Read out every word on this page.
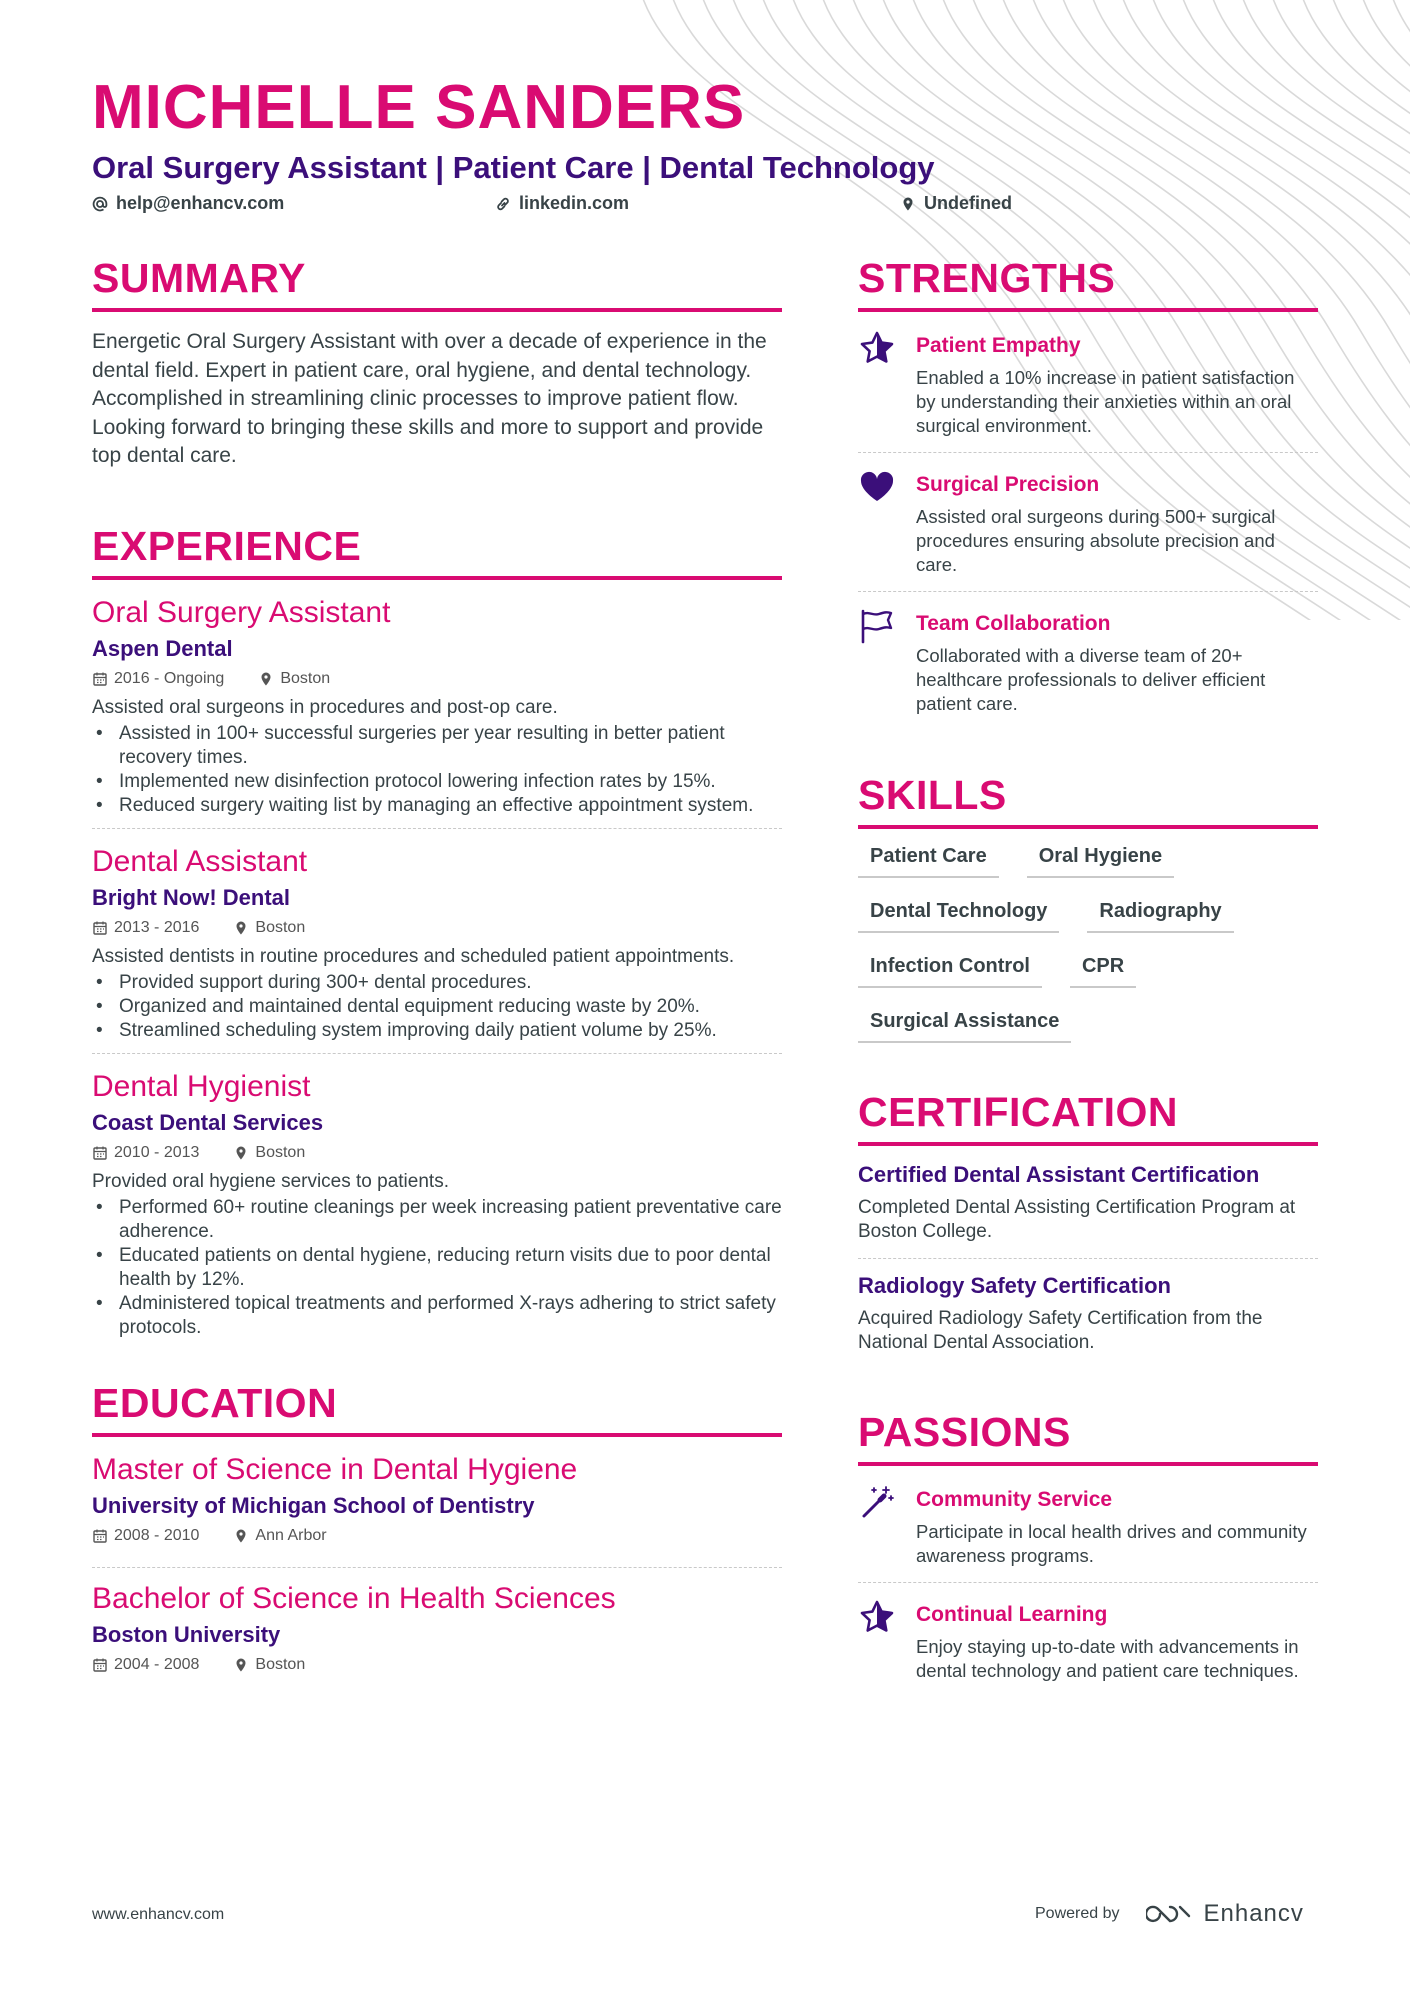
MICHELLE SANDERS
Oral Surgery Assistant | Patient Care | Dental Technology
help@enhancv.com	linkedin.com	Undefined
SUMMARY

Energetic Oral Surgery Assistant with over a decade of experience in the dental field. Expert in patient care, oral hygiene, and dental technology. Accomplished in streamlining clinic processes to improve patient flow. Looking forward to bringing these skills and more to support and provide top dental care.

EXPERIENCE
Oral Surgery Assistant
Aspen Dental
2016 - Ongoing	Boston
Assisted oral surgeons in procedures and post-op care.
• Assisted in 100+ successful surgeries per year resulting in better patient recovery times.
• Implemented new disinfection protocol lowering infection rates by 15%.
• Reduced surgery waiting list by managing an effective appointment system.
Dental Assistant
Bright Now! Dental
2013 - 2016	Boston
Assisted dentists in routine procedures and scheduled patient appointments.
• Provided support during 300+ dental procedures.
• Organized and maintained dental equipment reducing waste by 20%.
• Streamlined scheduling system improving daily patient volume by 25%.
Dental Hygienist
Coast Dental Services
2010 - 2013	Boston
Provided oral hygiene services to patients.
• Performed 60+ routine cleanings per week increasing patient preventative care adherence.
• Educated patients on dental hygiene, reducing return visits due to poor dental health by 12%.
• Administered topical treatments and performed X-rays adhering to strict safety protocols.
EDUCATION
Master of Science in Dental Hygiene
University of Michigan School of Dentistry
2008 - 2010	Ann Arbor
Bachelor of Science in Health Sciences
Boston University
2004 - 2008	Boston
STRENGTHS
Patient Empathy
Enabled a 10% increase in patient satisfaction by understanding their anxieties within an oral surgical environment.
Surgical Precision
Assisted oral surgeons during 500+ surgical procedures ensuring absolute precision and care.
Team Collaboration
Collaborated with a diverse team of 20+ healthcare professionals to deliver efficient patient care.
SKILLS
Patient Care	Oral Hygiene
Dental Technology	Radiography
Infection Control	CPR
Surgical Assistance
CERTIFICATION
Certified Dental Assistant Certification
Completed Dental Assisting Certification Program at Boston College.
Radiology Safety Certification
Acquired Radiology Safety Certification from the National Dental Association.
PASSIONS
Community Service
Participate in local health drives and community awareness programs.
Continual Learning
Enjoy staying up-to-date with advancements in dental technology and patient care techniques.
www.enhancv.com	Powered by	Enhancv
